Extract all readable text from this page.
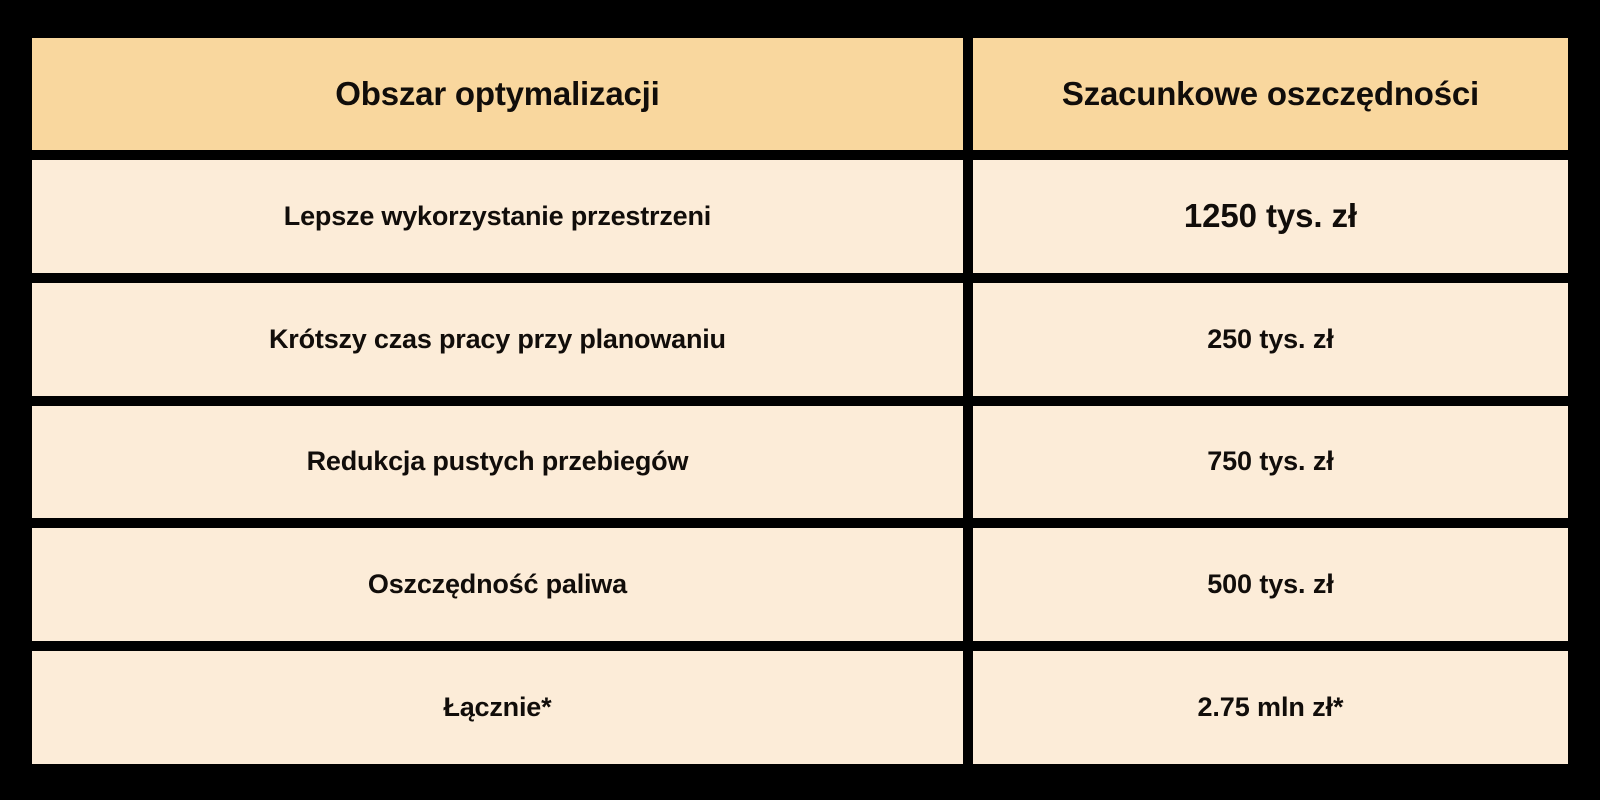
Obszar optymalizacji	Szacunkowe oszczędności
Lepsze wykorzystanie przestrzeni	1250 tys. zł
Krótszy czas pracy przy planowaniu	250 tys. zł
Redukcja pustych przebiegów	750 tys. zł
Oszczędność paliwa	500 tys. zł
Łącznie*	2.75 mln zł*
